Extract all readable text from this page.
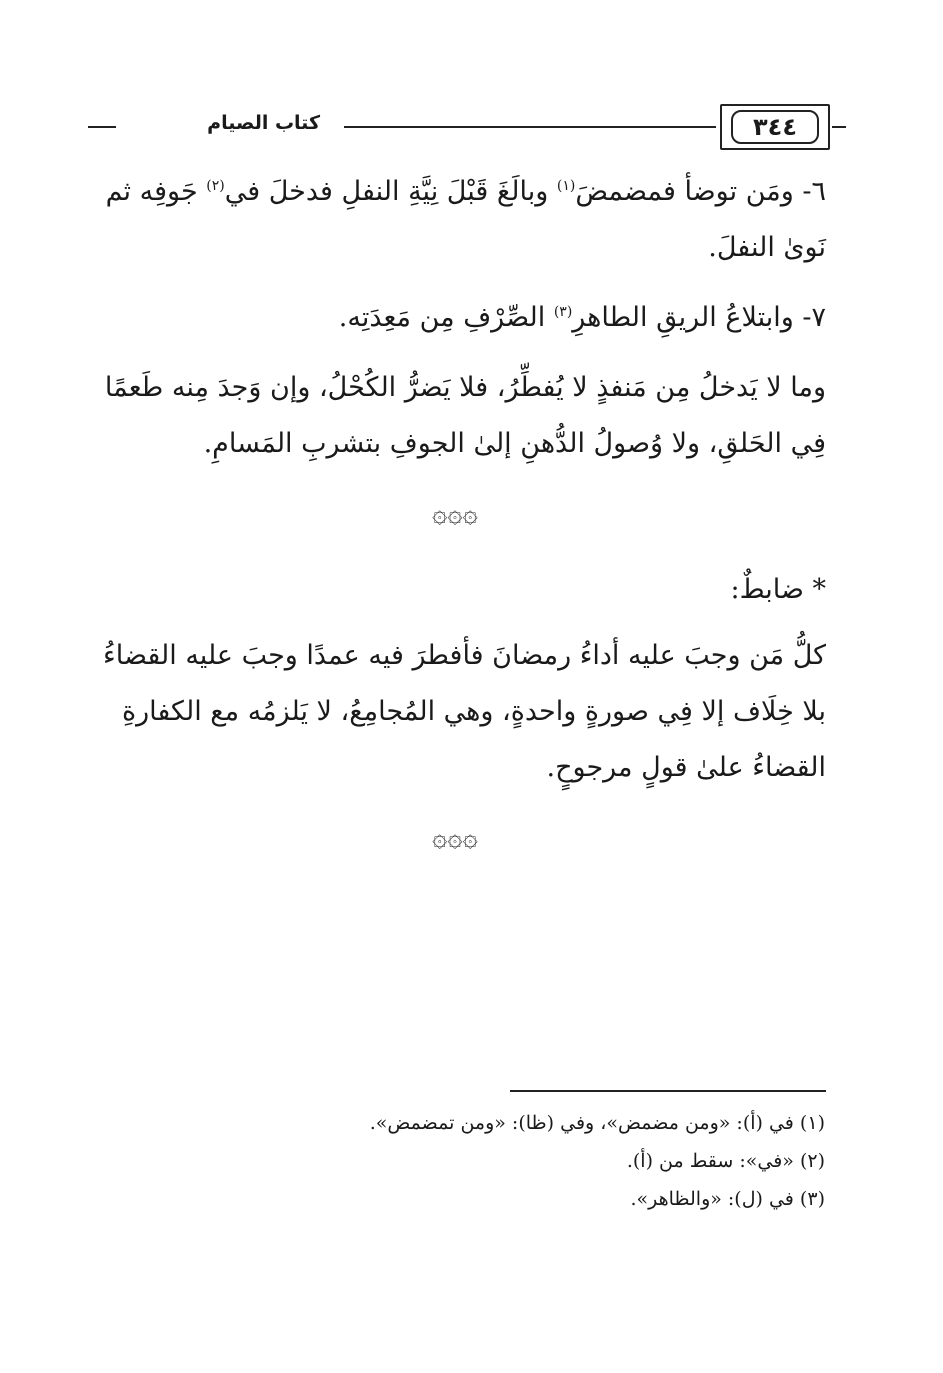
٣٤٤
كتاب الصيام

٦- ومَن توضأ فمضمضَ$^{(١)}$ وبالَغَ قَبْلَ نِيَّةِ النفلِ فدخلَ في$^{(٢)}$ جَوفِه ثم نَوىٰ النفلَ.

٧- وابتلاعُ الريقِ الطاهرِ$^{(٣)}$ الصِّرْفِ مِن مَعِدَتِه.

وما لا يَدخلُ مِن مَنفذٍ لا يُفطِّرُ، فلا يَضرُّ الكُحْلُ، وإن وَجدَ مِنه طَعمًا فِي الحَلقِ، ولا وُصولُ الدُّهنِ إلىٰ الجوفِ بتشربِ المَسامِ.

۞۞۞

* ضابطٌ:

كلُّ مَن وجبَ عليه أداءُ رمضانَ فأفطرَ فيه عمدًا وجبَ عليه القضاءُ بلا خِلَاف إلا فِي صورةٍ واحدةٍ، وهي المُجامِعُ، لا يَلزمُه مع الكفارةِ القضاءُ علىٰ قولٍ مرجوحٍ.

۞۞۞

(١) في (أ): «ومن مضمض»، وفي (ظا): «ومن تمضمض».

(٢) «في»: سقط من (أ).

(٣) في (ل): «والظاهر».
